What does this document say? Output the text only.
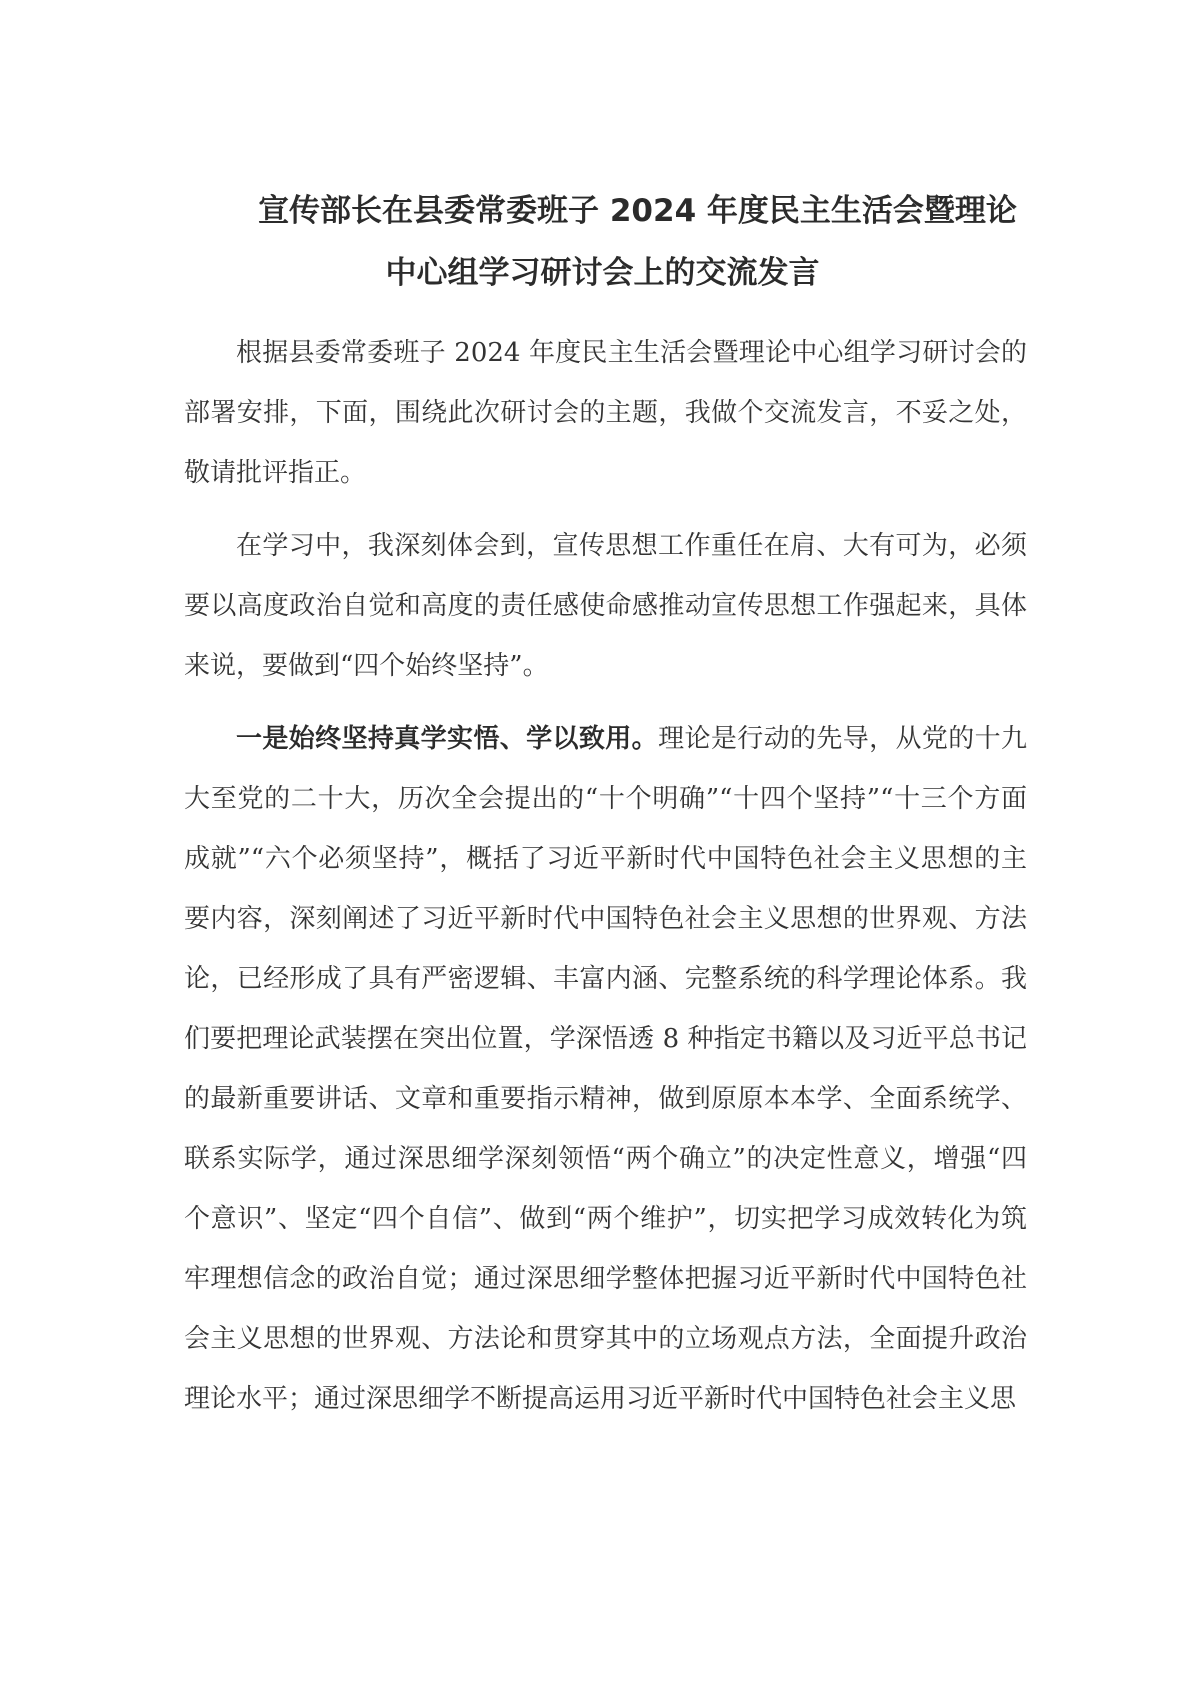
宣传部长在县委常委班子 2024 年度民主生活会暨理论
中心组学习研讨会上的交流发言

根据县委常委班子 2024 年度民主生活会暨理论中心组学习研讨会的部署安排，下面，围绕此次研讨会的主题，我做个交流发言，不妥之处，敬请批评指正。

在学习中，我深刻体会到，宣传思想工作重任在肩、大有可为，必须要以高度政治自觉和高度的责任感使命感推动宣传思想工作强起来，具体来说，要做到“四个始终坚持”。

一是始终坚持真学实悟、学以致用。理论是行动的先导，从党的十九大至党的二十大，历次全会提出的“十个明确”“十四个坚持”“十三个方面成就”“六个必须坚持”，概括了习近平新时代中国特色社会主义思想的主要内容，深刻阐述了习近平新时代中国特色社会主义思想的世界观、方法论，已经形成了具有严密逻辑、丰富内涵、完整系统的科学理论体系。我们要把理论武装摆在突出位置，学深悟透 8 种指定书籍以及习近平总书记的最新重要讲话、文章和重要指示精神，做到原原本本学、全面系统学、联系实际学，通过深思细学深刻领悟“两个确立”的决定性意义，增强“四个意识”、坚定“四个自信”、做到“两个维护”，切实把学习成效转化为筑牢理想信念的政治自觉；通过深思细学整体把握习近平新时代中国特色社会主义思想的世界观、方法论和贯穿其中的立场观点方法，全面提升政治理论水平；通过深思细学不断提高运用习近平新时代中国特色社会主义思
